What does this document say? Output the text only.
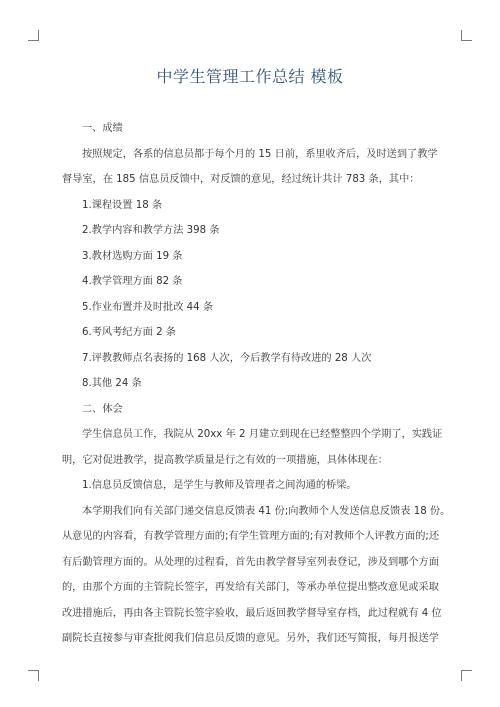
中学生管理工作总结 模板
一、成绩
按照规定，各系的信息员都于每个月的 15 日前，系里收齐后，及时送到了教学
督导室，在 185 信息员反馈中，对反馈的意见，经过统计共计 783 条，其中：
1.课程设置 18 条
2.教学内容和教学方法 398 条
3.教材选购方面 19 条
4.教学管理方面 82 条
5.作业布置并及时批改 44 条
6.考风考纪方面 2 条
7.评教教师点名表扬的 168 人次，今后教学有待改进的 28 人次
8.其他 24 条
二、体会
学生信息员工作，我院从 20xx 年 2 月建立到现在已经整整四个学期了，实践证
明，它对促进教学，提高教学质量是行之有效的一项措施，具体体现在：
1.信息员反馈信息，是学生与教师及管理者之间沟通的桥梁。
本学期我们向有关部门递交信息反馈表 41 份;向教师个人发送信息反馈表 18 份。
从意见的内容看，有教学管理方面的;有学生管理方面的;有对教师个人评教方面的;还
有后勤管理方面的。从处理的过程看，首先由教学督导室列表登记，涉及到哪个方面
的，由那个方面的主管院长签字，再发给有关部门，等承办单位提出整改意见或采取
改进措施后，再由各主管院长签字验收，最后返回教学督导室存档，此过程就有 4 位
副院长直接参与审查批阅我们信息员反馈的意见。另外，我们还写简报，每月报送学
